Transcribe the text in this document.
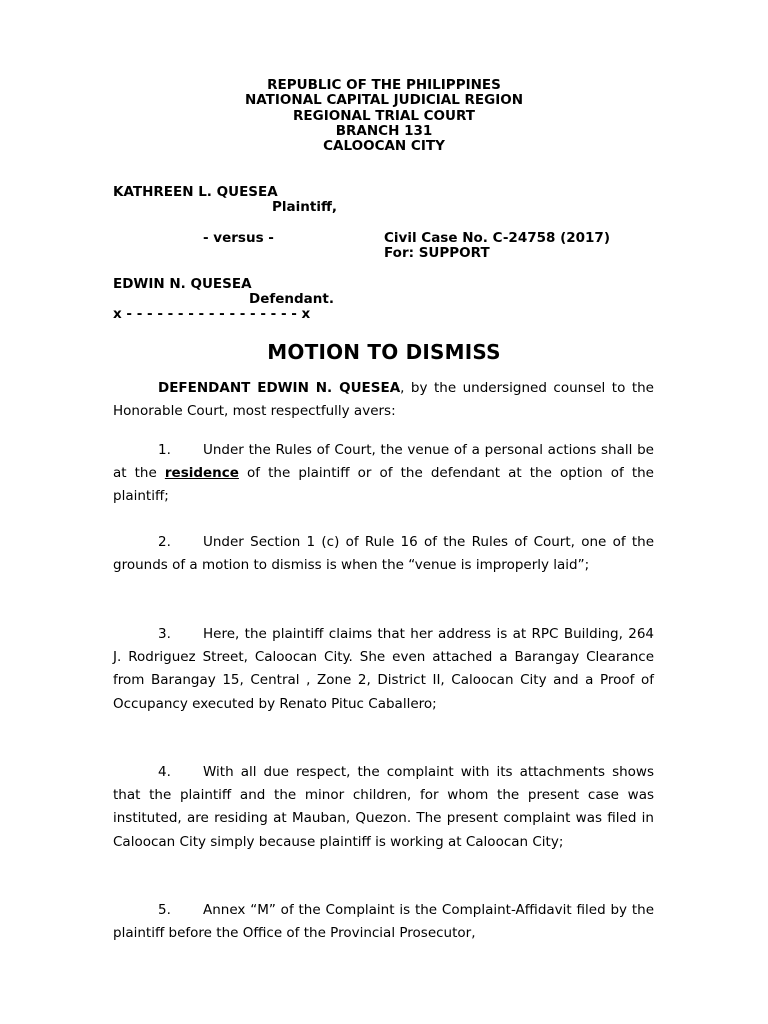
REPUBLIC OF THE PHILIPPINES
NATIONAL CAPITAL JUDICIAL REGION
REGIONAL TRIAL COURT
BRANCH 131
CALOOCAN CITY
KATHREEN L. QUESEA
Plaintiff,
- versus -	Civil Case No. C-24758 (2017)
For: SUPPORT
EDWIN N. QUESEA
Defendant.
x - - - - - - - - - - - - - - - - - x
MOTION TO DISMISS
DEFENDANT EDWIN N. QUESEA, by the undersigned counsel to the Honorable Court, most respectfully avers:
1. Under the Rules of Court, the venue of a personal actions shall be at the residence of the plaintiff or of the defendant at the option of the plaintiff;
2. Under Section 1 (c) of Rule 16 of the Rules of Court, one of the grounds of a motion to dismiss is when the “venue is improperly laid”;
3. Here, the plaintiff claims that her address is at RPC Building, 264 J. Rodriguez Street, Caloocan City. She even attached a Barangay Clearance from Barangay 15, Central , Zone 2, District II, Caloocan City and a Proof of Occupancy executed by Renato Pituc Caballero;
4. With all due respect, the complaint with its attachments shows that the plaintiff and the minor children, for whom the present case was instituted, are residing at Mauban, Quezon. The present complaint was filed in Caloocan City simply because plaintiff is working at Caloocan City;
5. Annex “M” of the Complaint is the Complaint-Affidavit filed by the plaintiff before the Office of the Provincial Prosecutor,
